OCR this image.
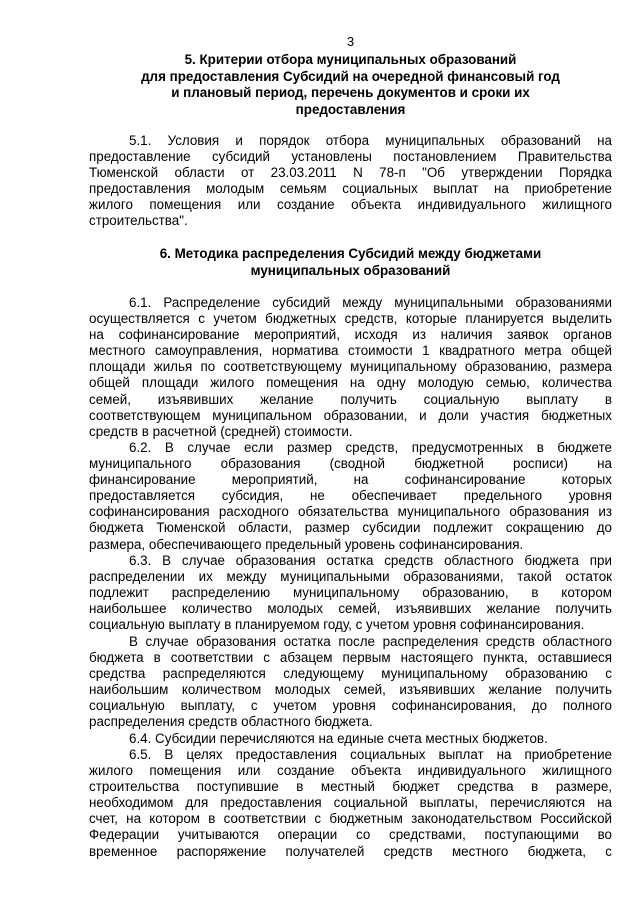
3
5. Критерии отбора муниципальных образований
для предоставления Субсидий на очередной финансовый год
и плановый период, перечень документов и сроки их
предоставления
5.1. Условия и порядок отбора муниципальных образований на
предоставление субсидий установлены постановлением Правительства
Тюменской области от 23.03.2011 N 78-п "Об утверждении Порядка
предоставления молодым семьям социальных выплат на приобретение
жилого помещения или создание объекта индивидуального жилищного
строительства".
6. Методика распределения Субсидий между бюджетами
муниципальных образований
6.1. Распределение субсидий между муниципальными образованиями
осуществляется с учетом бюджетных средств, которые планируется выделить
на софинансирование мероприятий, исходя из наличия заявок органов
местного самоуправления, норматива стоимости 1 квадратного метра общей
площади жилья по соответствующему муниципальному образованию, размера
общей площади жилого помещения на одну молодую семью, количества
семей, изъявивших желание получить социальную выплату в
соответствующем муниципальном образовании, и доли участия бюджетных
средств в расчетной (средней) стоимости.
6.2. В случае если размер средств, предусмотренных в бюджете
муниципального образования (сводной бюджетной росписи) на
финансирование мероприятий, на софинансирование которых
предоставляется субсидия, не обеспечивает предельного уровня
софинансирования расходного обязательства муниципального образования из
бюджета Тюменской области, размер субсидии подлежит сокращению до
размера, обеспечивающего предельный уровень софинансирования.
6.3. В случае образования остатка средств областного бюджета при
распределении их между муниципальными образованиями, такой остаток
подлежит распределению муниципальному образованию, в котором
наибольшее количество молодых семей, изъявивших желание получить
социальную выплату в планируемом году, с учетом уровня софинансирования.
В случае образования остатка после распределения средств областного
бюджета в соответствии с абзацем первым настоящего пункта, оставшиеся
средства распределяются следующему муниципальному образованию с
наибольшим количеством молодых семей, изъявивших желание получить
социальную выплату, с учетом уровня софинансирования, до полного
распределения средств областного бюджета.
6.4. Субсидии перечисляются на единые счета местных бюджетов.
6.5. В целях предоставления социальных выплат на приобретение
жилого помещения или создание объекта индивидуального жилищного
строительства поступившие в местный бюджет средства в размере,
необходимом для предоставления социальной выплаты, перечисляются на
счет, на котором в соответствии с бюджетным законодательством Российской
Федерации учитываются операции со средствами, поступающими во
временное распоряжение получателей средств местного бюджета, с
